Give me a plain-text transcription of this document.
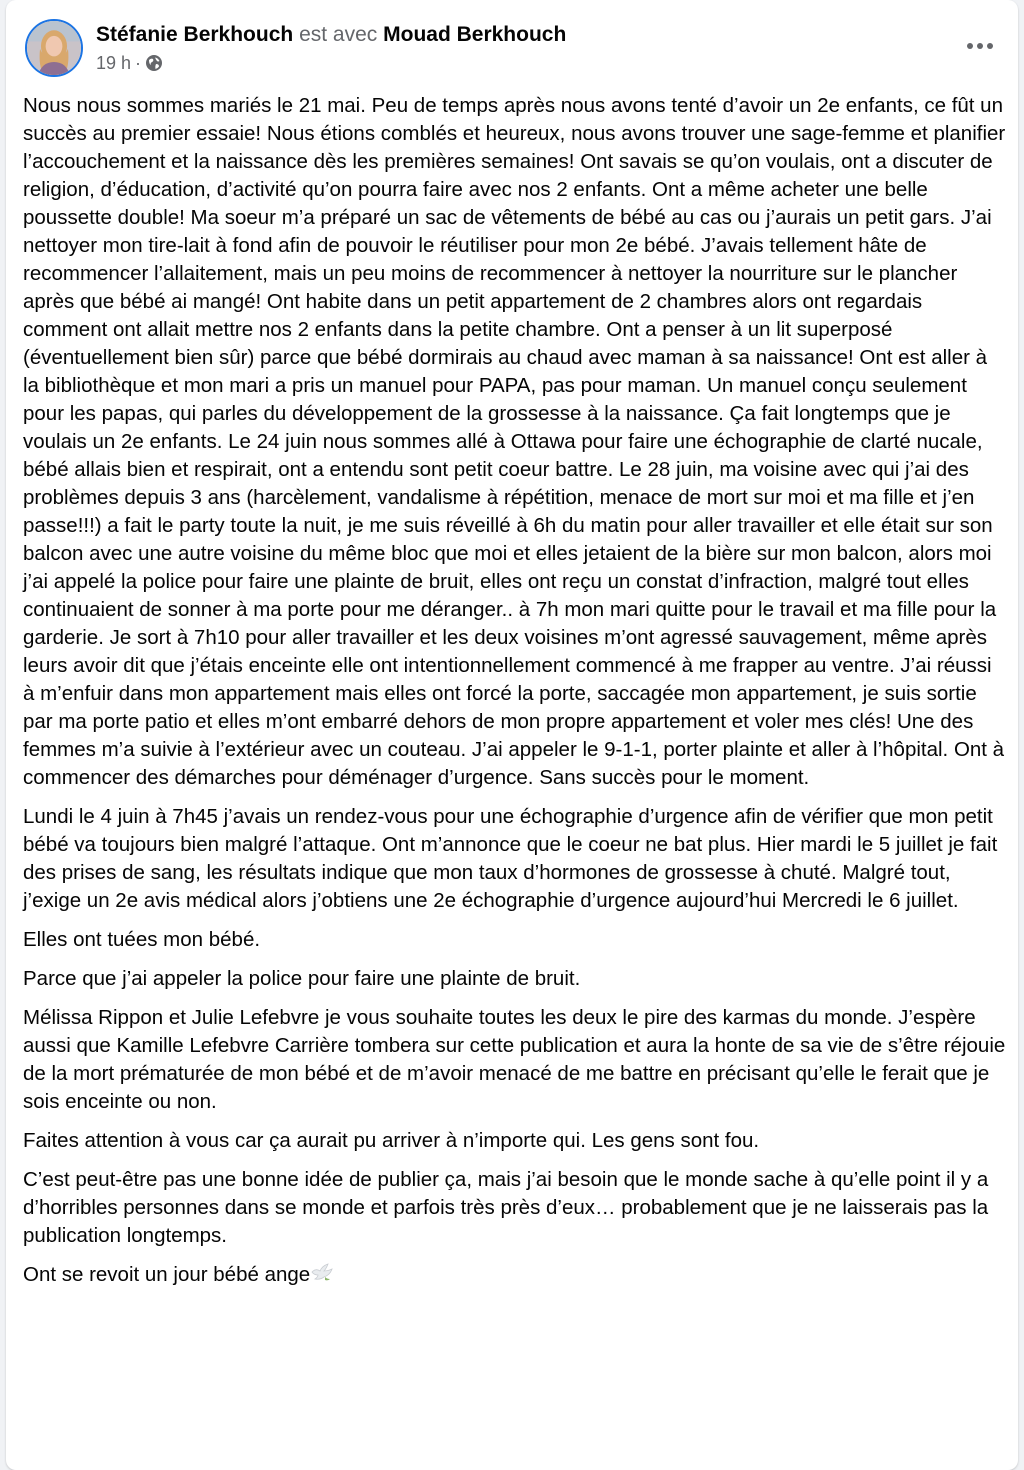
Stéfanie Berkhouch est avec Mouad Berkhouch
19 h ·

Nous nous sommes mariés le 21 mai. Peu de temps après nous avons tenté d’avoir un 2e enfants, ce fût un succès au premier essaie! Nous étions comblés et heureux, nous avons trouver une sage-femme et planifier l’accouchement et la naissance dès les premières semaines! Ont savais se qu’on voulais, ont a discuter de religion, d’éducation, d’activité qu’on pourra faire avec nos 2 enfants. Ont a même acheter une belle poussette double! Ma soeur m’a préparé un sac de vêtements de bébé au cas ou j’aurais un petit gars. J’ai nettoyer mon tire-lait à fond afin de pouvoir le réutiliser pour mon 2e bébé. J’avais tellement hâte de recommencer l’allaitement, mais un peu moins de recommencer à nettoyer la nourriture sur le plancher après que bébé ai mangé! Ont habite dans un petit appartement de 2 chambres alors ont regardais comment ont allait mettre nos 2 enfants dans la petite chambre. Ont a penser à un lit superposé (éventuellement bien sûr) parce que bébé dormirais au chaud avec maman à sa naissance! Ont est aller à la bibliothèque et mon mari a pris un manuel pour PAPA, pas pour maman. Un manuel conçu seulement pour les papas, qui parles du développement de la grossesse à la naissance. Ça fait longtemps que je voulais un 2e enfants. Le 24 juin nous sommes allé à Ottawa pour faire une échographie de clarté nucale, bébé allais bien et respirait, ont a entendu sont petit coeur battre. Le 28 juin, ma voisine avec qui j’ai des problèmes depuis 3 ans (harcèlement, vandalisme à répétition, menace de mort sur moi et ma fille et j’en passe!!!) a fait le party toute la nuit, je me suis réveillé à 6h du matin pour aller travailler et elle était sur son balcon avec une autre voisine du même bloc que moi et elles jetaient de la bière sur mon balcon, alors moi j’ai appelé la police pour faire une plainte de bruit, elles ont reçu un constat d’infraction, malgré tout elles continuaient de sonner à ma porte pour me déranger.. à 7h mon mari quitte pour le travail et ma fille pour la garderie. Je sort à 7h10 pour aller travailler et les deux voisines m’ont agressé sauvagement, même après leurs avoir dit que j’étais enceinte elle ont intentionnellement commencé à me frapper au ventre. J’ai réussi à m’enfuir dans mon appartement mais elles ont forcé la porte, saccagée mon appartement, je suis sortie par ma porte patio et elles m’ont embarré dehors de mon propre appartement et voler mes clés! Une des femmes m’a suivie à l’extérieur avec un couteau. J’ai appeler le 9-1-1, porter plainte et aller à l’hôpital. Ont à commencer des démarches pour déménager d’urgence. Sans succès pour le moment.

Lundi le 4 juin à 7h45 j’avais un rendez-vous pour une échographie d’urgence afin de vérifier que mon petit bébé va toujours bien malgré l’attaque. Ont m’annonce que le coeur ne bat plus. Hier mardi le 5 juillet je fait des prises de sang, les résultats indique que mon taux d’hormones de grossesse à chuté. Malgré tout, j’exige un 2e avis médical alors j’obtiens une 2e échographie d’urgence aujourd’hui Mercredi le 6 juillet.

Elles ont tuées mon bébé.

Parce que j’ai appeler la police pour faire une plainte de bruit.

Mélissa Rippon et Julie Lefebvre je vous souhaite toutes les deux le pire des karmas du monde. J’espère aussi que Kamille Lefebvre Carrière tombera sur cette publication et aura la honte de sa vie de s’être réjouie de la mort prématurée de mon bébé et de m’avoir menacé de me battre en précisant qu’elle le ferait que je sois enceinte ou non.

Faites attention à vous car ça aurait pu arriver à n’importe qui. Les gens sont fou.

C’est peut-être pas une bonne idée de publier ça, mais j’ai besoin que le monde sache à qu’elle point il y a d’horribles personnes dans se monde et parfois très près d’eux… probablement que je ne laisserais pas la publication longtemps.

Ont se revoit un jour bébé ange
